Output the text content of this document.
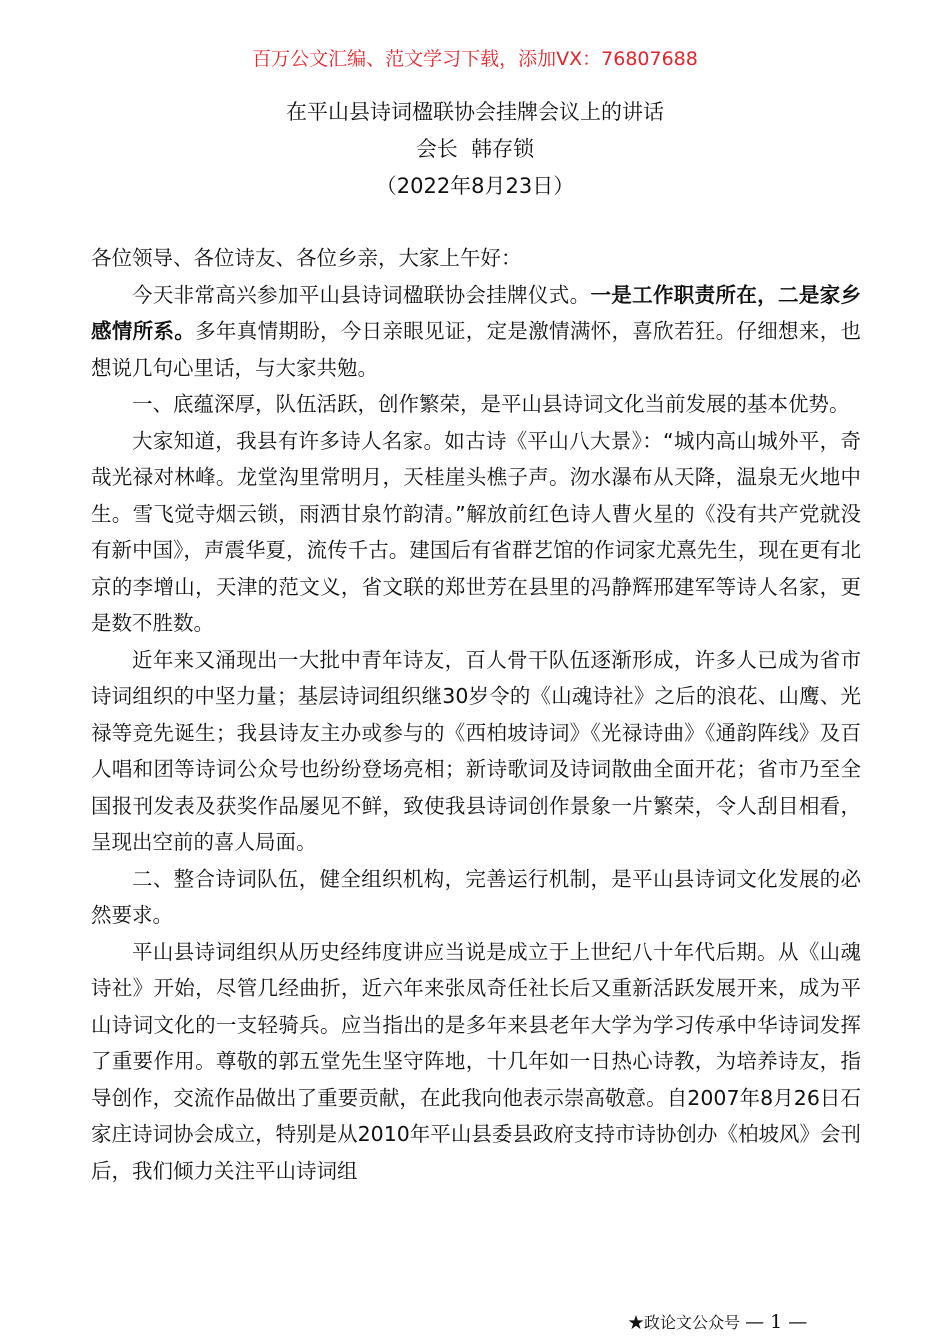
百万公文汇编、范文学习下载，添加VX：76807688
在平山县诗词楹联协会挂牌会议上的讲话
会长  韩存锁
（2022年8月23日）

各位领导、各位诗友、各位乡亲，大家上午好：

今天非常高兴参加平山县诗词楹联协会挂牌仪式。一是工作职责所在，二是家乡感情所系。多年真情期盼，今日亲眼见证，定是激情满怀，喜欣若狂。仔细想来，也想说几句心里话，与大家共勉。

一、底蕴深厚，队伍活跃，创作繁荣，是平山县诗词文化当前发展的基本优势。

大家知道，我县有许多诗人名家。如古诗《平山八大景》：“城内高山城外平，奇哉光禄对林峰。龙堂沟里常明月，天桂崖头樵子声。沕水瀑布从天降，温泉无火地中生。雪飞觉寺烟云锁，雨洒甘泉竹韵清。”解放前红色诗人曹火星的《没有共产党就没有新中国》，声震华夏，流传千古。建国后有省群艺馆的作词家尤熹先生，现在更有北京的李增山，天津的范文义，省文联的郑世芳在县里的冯静辉邢建军等诗人名家，更是数不胜数。

近年来又涌现出一大批中青年诗友，百人骨干队伍逐渐形成，许多人已成为省市诗词组织的中坚力量；基层诗词组织继30岁令的《山魂诗社》之后的浪花、山鹰、光禄等竞先诞生；我县诗友主办或参与的《西柏坡诗词》《光禄诗曲》《通韵阵线》及百人唱和团等诗词公众号也纷纷登场亮相；新诗歌词及诗词散曲全面开花；省市乃至全国报刊发表及获奖作品屡见不鲜，致使我县诗词创作景象一片繁荣，令人刮目相看，呈现出空前的喜人局面。

二、整合诗词队伍，健全组织机构，完善运行机制，是平山县诗词文化发展的必然要求。

平山县诗词组织从历史经纬度讲应当说是成立于上世纪八十年代后期。从《山魂诗社》开始，尽管几经曲折，近六年来张凤奇任社长后又重新活跃发展开来，成为平山诗词文化的一支轻骑兵。应当指出的是多年来县老年大学为学习传承中华诗词发挥了重要作用。尊敬的郭五堂先生坚守阵地，十几年如一日热心诗教，为培养诗友，指导创作，交流作品做出了重要贡献，在此我向他表示崇高敬意。自2007年8月26日石家庄诗词协会成立，特别是从2010年平山县委县政府支持市诗协创办《柏坡风》会刊后，我们倾力关注平山诗词组

★政论文公众号 — 1 —
